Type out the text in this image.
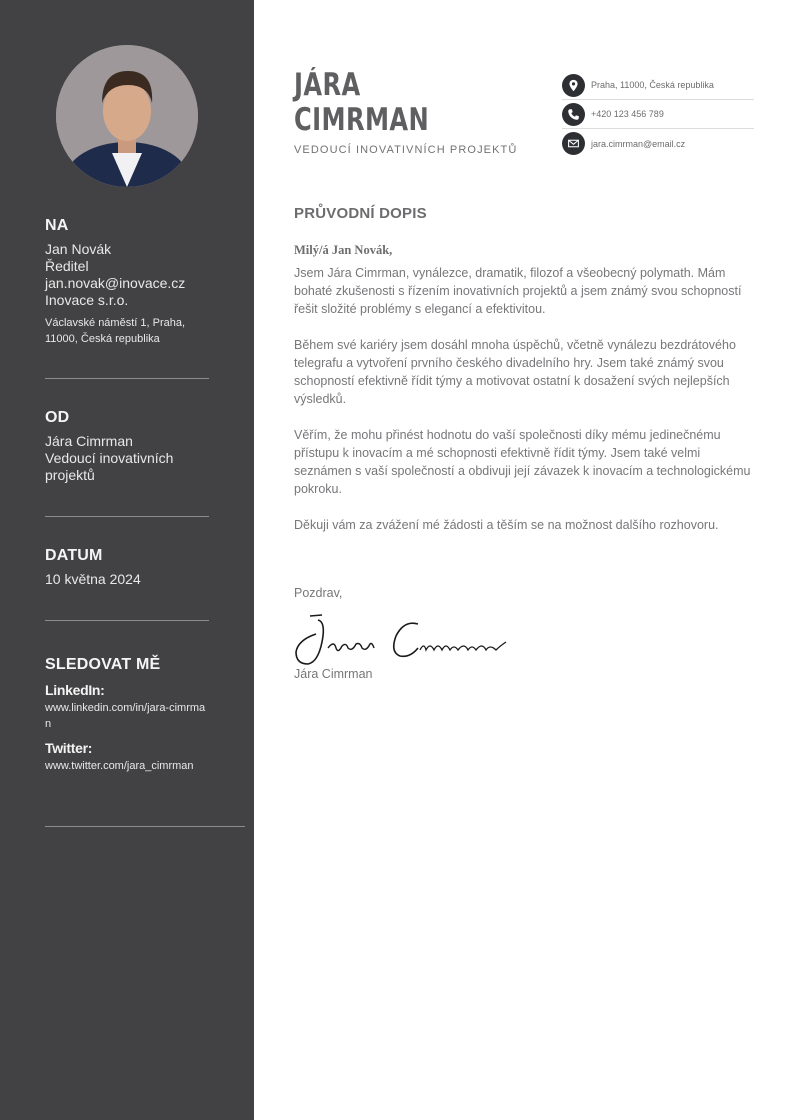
NA
Jan Novák
Ředitel
jan.novak@inovace.cz
Inovace s.r.o.
Václavské náměstí 1, Praha, 11000, Česká republika
OD
Jára Cimrman
Vedoucí inovativních projektů
DATUM
10 května 2024
SLEDOVAT MĚ
LinkedIn:
www.linkedin.com/in/jara-cimrman
Twitter:
www.twitter.com/jara_cimrman
JÁRA
CIMRMAN
VEDOUCÍ INOVATIVNÍCH PROJEKTŮ
Praha, 11000, Česká republika
+420 123 456 789
jara.cimrman@email.cz
PRŮVODNÍ DOPIS
Milý/á Jan Novák,

Jsem Jára Cimrman, vynálezce, dramatik, filozof a všeobecný polymath. Mám bohaté zkušenosti s řízením inovativních projektů a jsem známý svou schopností řešit složité problémy s elegancí a efektivitou.

Během své kariéry jsem dosáhl mnoha úspěchů, včetně vynálezu bezdrátového telegrafu a vytvoření prvního českého divadelního hry. Jsem také známý svou schopností efektivně řídit týmy a motivovat ostatní k dosažení svých nejlepších výsledků.

Věřím, že mohu přinést hodnotu do vaší společnosti díky mému jedinečnému přístupu k inovacím a mé schopnosti efektivně řídit týmy. Jsem také velmi seznámen s vaší společností a obdivuji její závazek k inovacím a technologickému pokroku.

Děkuji vám za zvážení mé žádosti a těším se na možnost dalšího rozhovoru.

Pozdrav,
Jára Cimrman
